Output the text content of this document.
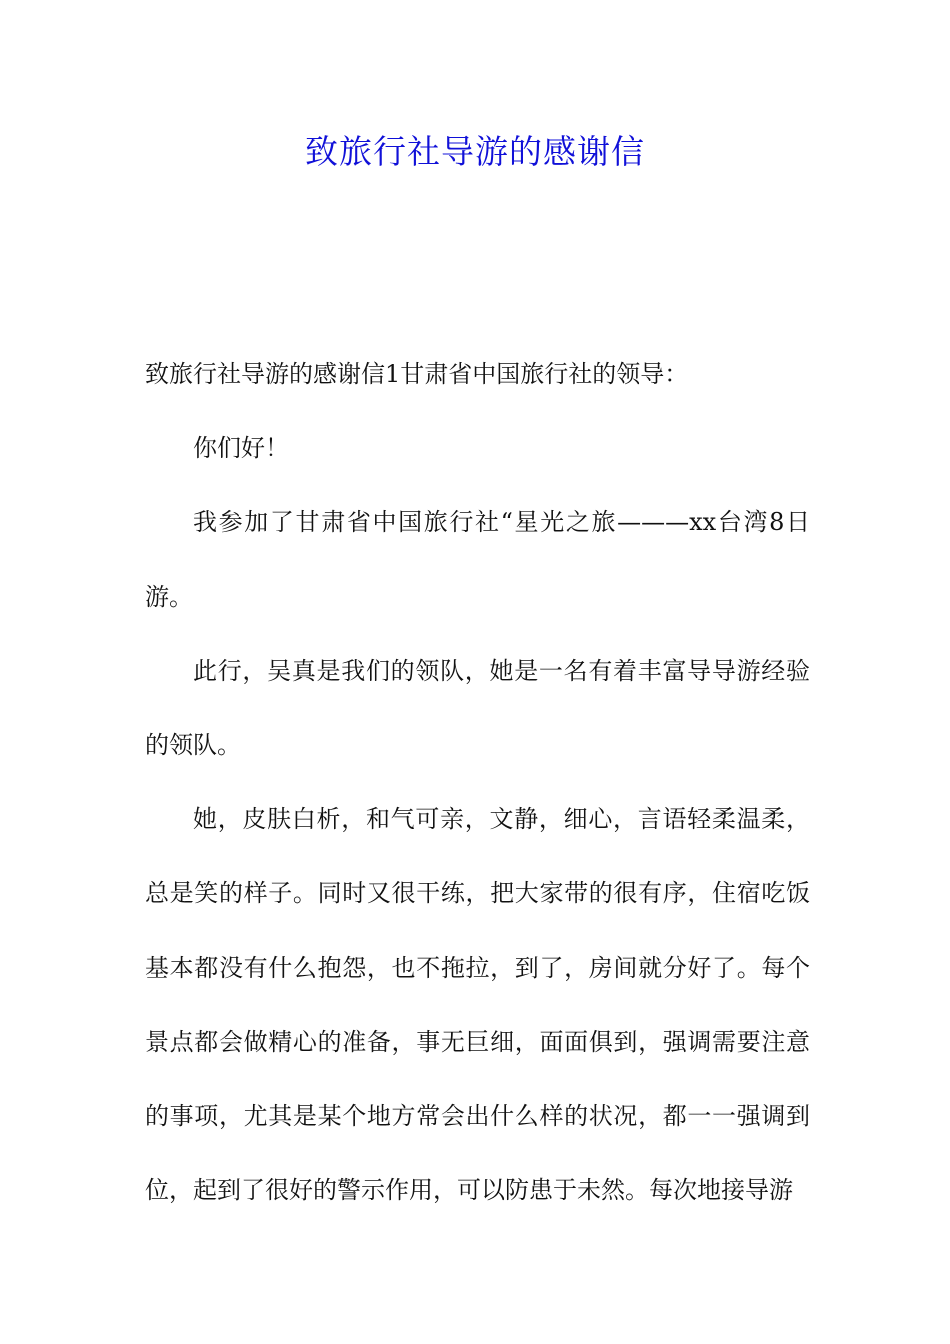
致旅行社导游的感谢信

致旅行社导游的感谢信1甘肃省中国旅行社的领导：

你们好！

我参加了甘肃省中国旅行社“星光之旅———xx台湾8日游。

此行，吴真是我们的领队，她是一名有着丰富导导游经验的领队。

她，皮肤白析，和气可亲，文静，细心，言语轻柔温柔，总是笑的样子。同时又很干练，把大家带的很有序，住宿吃饭基本都没有什么抱怨，也不拖拉，到了，房间就分好了。每个景点都会做精心的准备，事无巨细，面面俱到，强调需要注意的事项，尤其是某个地方常会出什么样的状况，都一一强调到位，起到了很好的警示作用，可以防患于未然。每次地接导游
